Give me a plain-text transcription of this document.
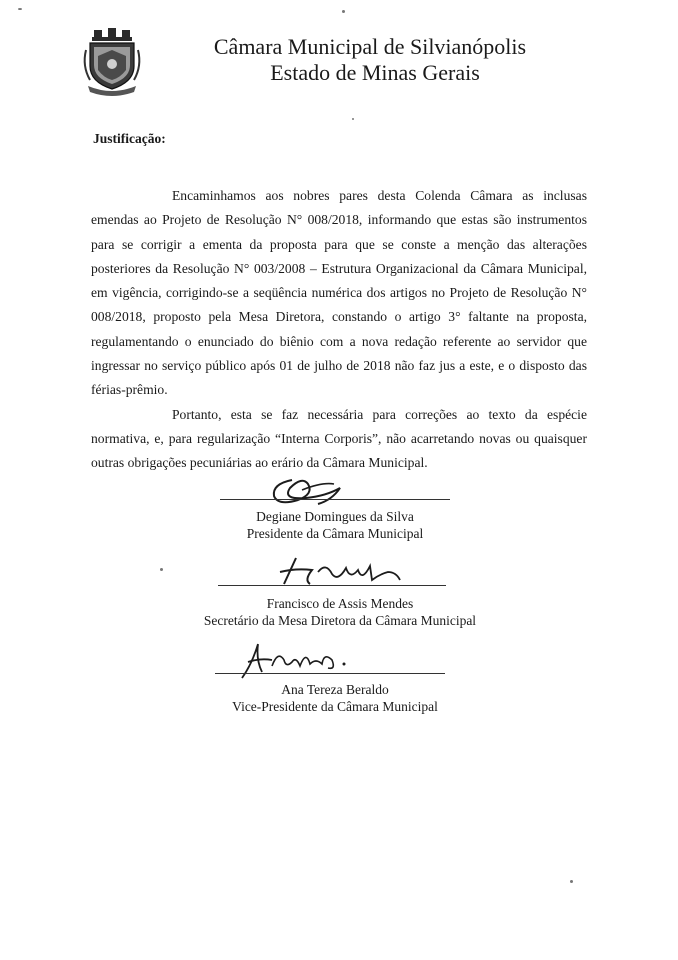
Câmara Municipal de Silvianópolis
Estado de Minas Gerais
Justificação:

Encaminhamos aos nobres pares desta Colenda Câmara as inclusas emendas ao Projeto de Resolução N° 008/2018, informando que estas são instrumentos para se corrigir a ementa da proposta para que se conste a menção das alterações posteriores da Resolução N° 003/2008 – Estrutura Organizacional da Câmara Municipal, em vigência, corrigindo-se a seqüência numérica dos artigos no Projeto de Resolução N° 008/2018, proposto pela Mesa Diretora, constando o artigo 3° faltante na proposta, regulamentando o enunciado do biênio com a nova redação referente ao servidor que ingressar no serviço público após 01 de julho de 2018 não faz jus a este, e o disposto das férias-prêmio.

Portanto, esta se faz necessária para correções ao texto da espécie normativa, e, para regularização “Interna Corporis”, não acarretando novas ou quaisquer outras obrigações pecuniárias ao erário da Câmara Municipal.

Degiane Domingues da Silva
Presidente da Câmara Municipal
Francisco de Assis Mendes
Secretário da Mesa Diretora da Câmara Municipal
Ana Tereza Beraldo
Vice-Presidente da Câmara Municipal
